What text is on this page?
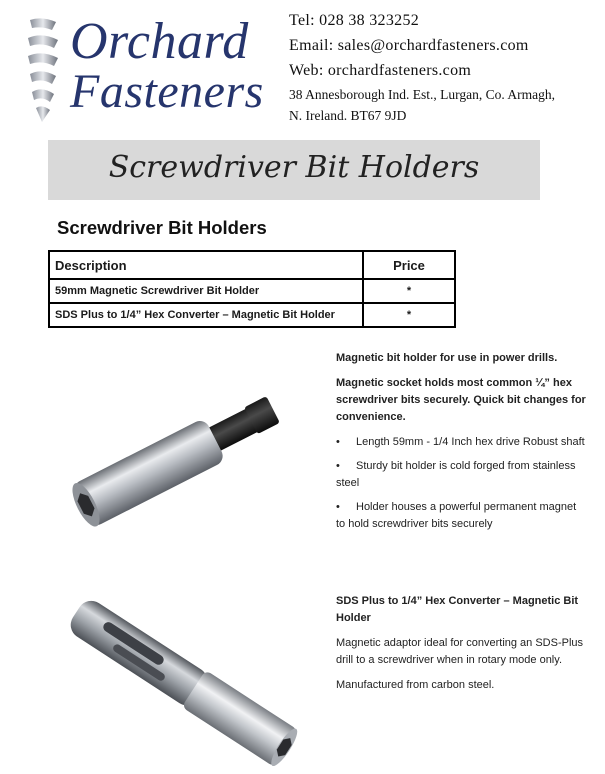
Orchard
Fasteners
Tel: 028 38 323252
Email: sales@orchardfasteners.com
Web: orchardfasteners.com
38 Annesborough Ind. Est., Lurgan, Co. Armagh,
N. Ireland. BT67 9JD
Screwdriver Bit Holders
Screwdriver Bit Holders
Description	Price
59mm Magnetic Screwdriver Bit Holder	*
SDS Plus to 1/4” Hex Converter – Magnetic Bit Holder	*

Magnetic bit holder for use in power drills.

Magnetic socket holds most common ¼” hex screwdriver bits securely. Quick bit changes for convenience.

• Length 59mm - 1/4 Inch hex drive Robust shaft
• Sturdy bit holder is cold forged from stainless steel
• Holder houses a powerful permanent magnet to hold screwdriver bits securely

SDS Plus to 1/4” Hex Converter – Magnetic Bit Holder

Magnetic adaptor ideal for converting an SDS-Plus drill to a screwdriver when in rotary mode only.

Manufactured from carbon steel.
